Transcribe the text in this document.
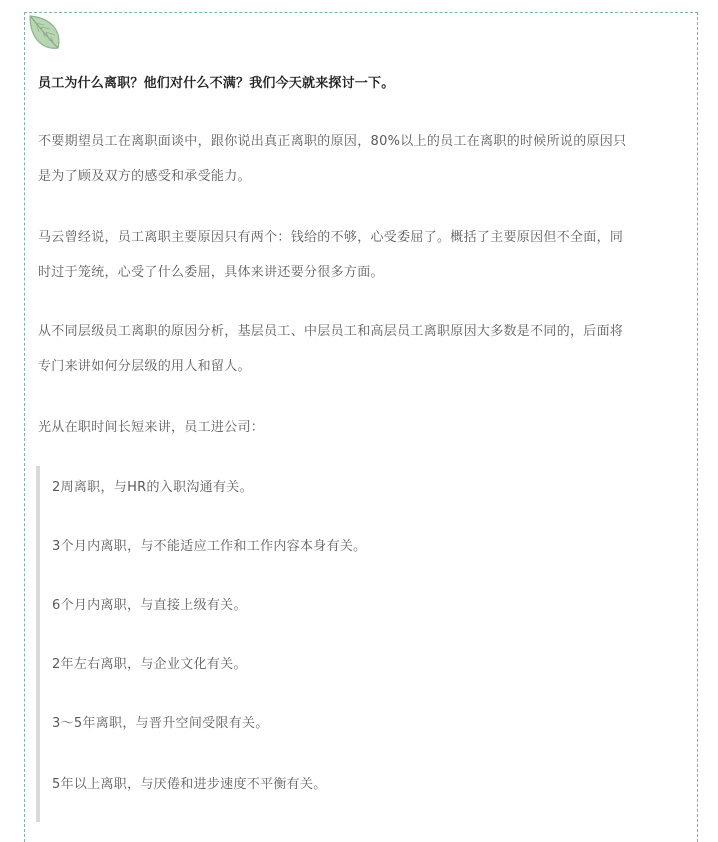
员工为什么离职？他们对什么不满？我们今天就来探讨一下。
不要期望员工在离职面谈中，跟你说出真正离职的原因，80%以上的员工在离职的时候所说的原因只
是为了顾及双方的感受和承受能力。
马云曾经说，员工离职主要原因只有两个：钱给的不够，心受委屈了。概括了主要原因但不全面，同
时过于笼统，心受了什么委屈，具体来讲还要分很多方面。
从不同层级员工离职的原因分析，基层员工、中层员工和高层员工离职原因大多数是不同的，后面将
专门来讲如何分层级的用人和留人。
光从在职时间长短来讲，员工进公司：
2周离职，与HR的入职沟通有关。
3个月内离职，与不能适应工作和工作内容本身有关。
6个月内离职，与直接上级有关。
2年左右离职，与企业文化有关。
3～5年离职，与晋升空间受限有关。
5年以上离职，与厌倦和进步速度不平衡有关。
